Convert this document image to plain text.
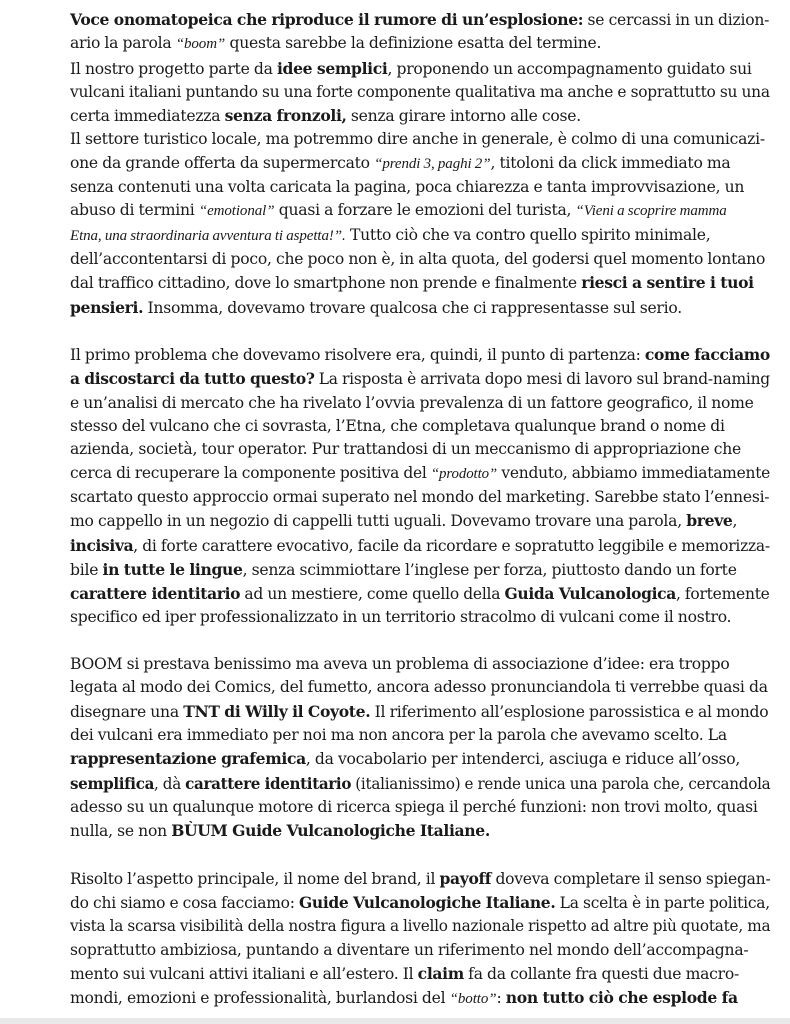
Voce onomatopeica che riproduce il rumore di un’esplosione: se cercassi in un dizion-
ario la parola “boom” questa sarebbe la definizione esatta del termine.
Il nostro progetto parte da idee semplici, proponendo un accompagnamento guidato sui
vulcani italiani puntando su una forte componente qualitativa ma anche e soprattutto su una
certa immediatezza senza fronzoli, senza girare intorno alle cose.
Il settore turistico locale, ma potremmo dire anche in generale, è colmo di una comunicazi-
one da grande offerta da supermercato “prendi 3, paghi 2”, titoloni da click immediato ma
senza contenuti una volta caricata la pagina, poca chiarezza e tanta improvvisazione, un
abuso di termini “emotional” quasi a forzare le emozioni del turista, “Vieni a scoprire mamma
Etna, una straordinaria avventura ti aspetta!”. Tutto ciò che va contro quello spirito minimale,
dell’accontentarsi di poco, che poco non è, in alta quota, del godersi quel momento lontano
dal traffico cittadino, dove lo smartphone non prende e finalmente riesci a sentire i tuoi
pensieri. Insomma, dovevamo trovare qualcosa che ci rappresentasse sul serio.

Il primo problema che dovevamo risolvere era, quindi, il punto di partenza: come facciamo
a discostarci da tutto questo? La risposta è arrivata dopo mesi di lavoro sul brand-naming
e un’analisi di mercato che ha rivelato l’ovvia prevalenza di un fattore geografico, il nome
stesso del vulcano che ci sovrasta, l’Etna, che completava qualunque brand o nome di
azienda, società, tour operator. Pur trattandosi di un meccanismo di appropriazione che
cerca di recuperare la componente positiva del “prodotto” venduto, abbiamo immediatamente
scartato questo approccio ormai superato nel mondo del marketing. Sarebbe stato l’ennesi-
mo cappello in un negozio di cappelli tutti uguali. Dovevamo trovare una parola, breve,
incisiva, di forte carattere evocativo, facile da ricordare e sopratutto leggibile e memorizza-
bile in tutte le lingue, senza scimmiottare l’inglese per forza, piuttosto dando un forte
carattere identitario ad un mestiere, come quello della Guida Vulcanologica, fortemente
specifico ed iper professionalizzato in un territorio stracolmo di vulcani come il nostro.

BOOM si prestava benissimo ma aveva un problema di associazione d’idee: era troppo
legata al modo dei Comics, del fumetto, ancora adesso pronunciandola ti verrebbe quasi da
disegnare una TNT di Willy il Coyote. Il riferimento all’esplosione parossistica e al mondo
dei vulcani era immediato per noi ma non ancora per la parola che avevamo scelto. La
rappresentazione grafemica, da vocabolario per intenderci, asciuga e riduce all’osso,
semplifica, dà carattere identitario (italianissimo) e rende unica una parola che, cercandola
adesso su un qualunque motore di ricerca spiega il perché funzioni: non trovi molto, quasi
nulla, se non BÙUM Guide Vulcanologiche Italiane.

Risolto l’aspetto principale, il nome del brand, il payoff doveva completare il senso spiegan-
do chi siamo e cosa facciamo: Guide Vulcanologiche Italiane. La scelta è in parte politica,
vista la scarsa visibilità della nostra figura a livello nazionale rispetto ad altre più quotate, ma
soprattutto ambiziosa, puntando a diventare un riferimento nel mondo dell’accompagna-
mento sui vulcani attivi italiani e all’estero. Il claim fa da collante fra questi due macro-
mondi, emozioni e professionalità, burlandosi del “botto”: non tutto ciò che esplode fa
